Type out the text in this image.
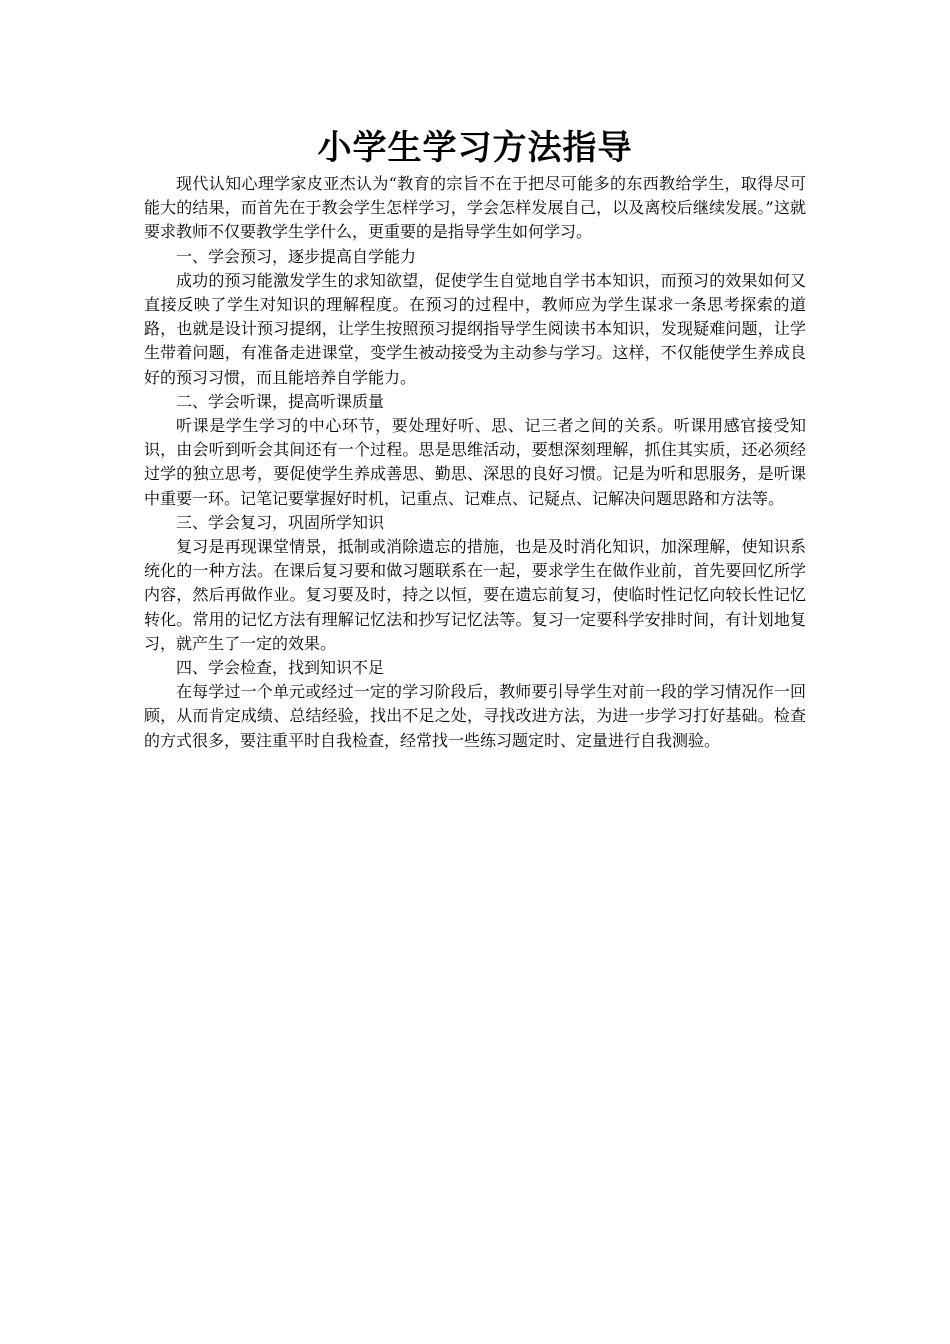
小学生学习方法指导

现代认知心理学家皮亚杰认为“教育的宗旨不在于把尽可能多的东西教给学生，取得尽可能大的结果，而首先在于教会学生怎样学习，学会怎样发展自己，以及离校后继续发展。”这就要求教师不仅要教学生学什么，更重要的是指导学生如何学习。

一、学会预习，逐步提高自学能力

成功的预习能激发学生的求知欲望，促使学生自觉地自学书本知识，而预习的效果如何又直接反映了学生对知识的理解程度。在预习的过程中，教师应为学生谋求一条思考探索的道路，也就是设计预习提纲，让学生按照预习提纲指导学生阅读书本知识，发现疑难问题，让学生带着问题，有准备走进课堂，变学生被动接受为主动参与学习。这样，不仅能使学生养成良好的预习习惯，而且能培养自学能力。

二、学会听课，提高听课质量

听课是学生学习的中心环节，要处理好听、思、记三者之间的关系。听课用感官接受知识，由会听到听会其间还有一个过程。思是思维活动，要想深刻理解，抓住其实质，还必须经过学的独立思考，要促使学生养成善思、勤思、深思的良好习惯。记是为听和思服务，是听课中重要一环。记笔记要掌握好时机，记重点、记难点、记疑点、记解决问题思路和方法等。

三、学会复习，巩固所学知识

复习是再现课堂情景，抵制或消除遗忘的措施，也是及时消化知识，加深理解，使知识系统化的一种方法。在课后复习要和做习题联系在一起，要求学生在做作业前，首先要回忆所学内容，然后再做作业。复习要及时，持之以恒，要在遗忘前复习，使临时性记忆向较长性记忆转化。常用的记忆方法有理解记忆法和抄写记忆法等。复习一定要科学安排时间，有计划地复习，就产生了一定的效果。

四、学会检查，找到知识不足

在每学过一个单元或经过一定的学习阶段后，教师要引导学生对前一段的学习情况作一回顾，从而肯定成绩、总结经验，找出不足之处，寻找改进方法，为进一步学习打好基础。检查的方式很多，要注重平时自我检查，经常找一些练习题定时、定量进行自我测验。
